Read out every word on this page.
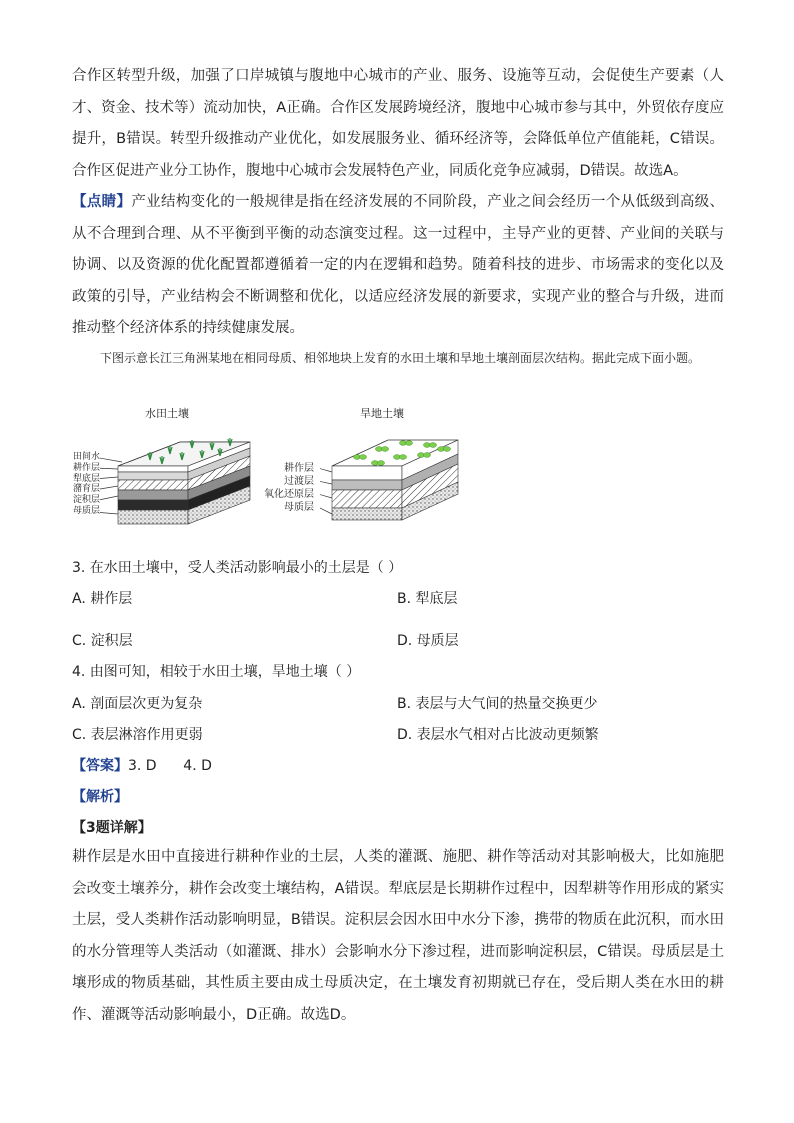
合作区转型升级，加强了口岸城镇与腹地中心城市的产业、服务、设施等互动，会促使生产要素（人才、资金、技术等）流动加快，A正确。合作区发展跨境经济，腹地中心城市参与其中，外贸依存度应提升，B错误。转型升级推动产业优化，如发展服务业、循环经济等，会降低单位产值能耗，C错误。合作区促进产业分工协作，腹地中心城市会发展特色产业，同质化竞争应减弱，D错误。故选A。

【点睛】产业结构变化的一般规律是指在经济发展的不同阶段，产业之间会经历一个从低级到高级、从不合理到合理、从不平衡到平衡的动态演变过程。这一过程中，主导产业的更替、产业间的关联与协调、以及资源的优化配置都遵循着一定的内在逻辑和趋势。随着科技的进步、市场需求的变化以及政策的引导，产业结构会不断调整和优化，以适应经济发展的新要求，实现产业的整合与升级，进而推动整个经济体系的持续健康发展。

下图示意长江三角洲某地在相同母质、相邻地块上发育的水田土壤和旱地土壤剖面层次结构。据此完成下面小题。

水田土壤	旱地土壤
田间水
耕作层
犁底层
潴育层
淀积层
母质层
耕作层
过渡层
氧化还原层
母质层

3. 在水田土壤中，受人类活动影响最小的土层是（ ）

A. 耕作层	B. 犁底层

C. 淀积层	D. 母质层

4. 由图可知，相较于水田土壤，旱地土壤（ ）

A. 剖面层次更为复杂	B. 表层与大气间的热量交换更少

C. 表层淋溶作用更弱	D. 表层水气相对占比波动更频繁

【答案】3. D      4. D

【解析】

【3题详解】

耕作层是水田中直接进行耕种作业的土层，人类的灌溉、施肥、耕作等活动对其影响极大，比如施肥会改变土壤养分，耕作会改变土壤结构，A错误。犁底层是长期耕作过程中，因犁耕等作用形成的紧实土层，受人类耕作活动影响明显，B错误。淀积层会因水田中水分下渗，携带的物质在此沉积，而水田的水分管理等人类活动（如灌溉、排水）会影响水分下渗过程，进而影响淀积层，C错误。母质层是土壤形成的物质基础，其性质主要由成土母质决定，在土壤发育初期就已存在，受后期人类在水田的耕作、灌溉等活动影响最小，D正确。故选D。
